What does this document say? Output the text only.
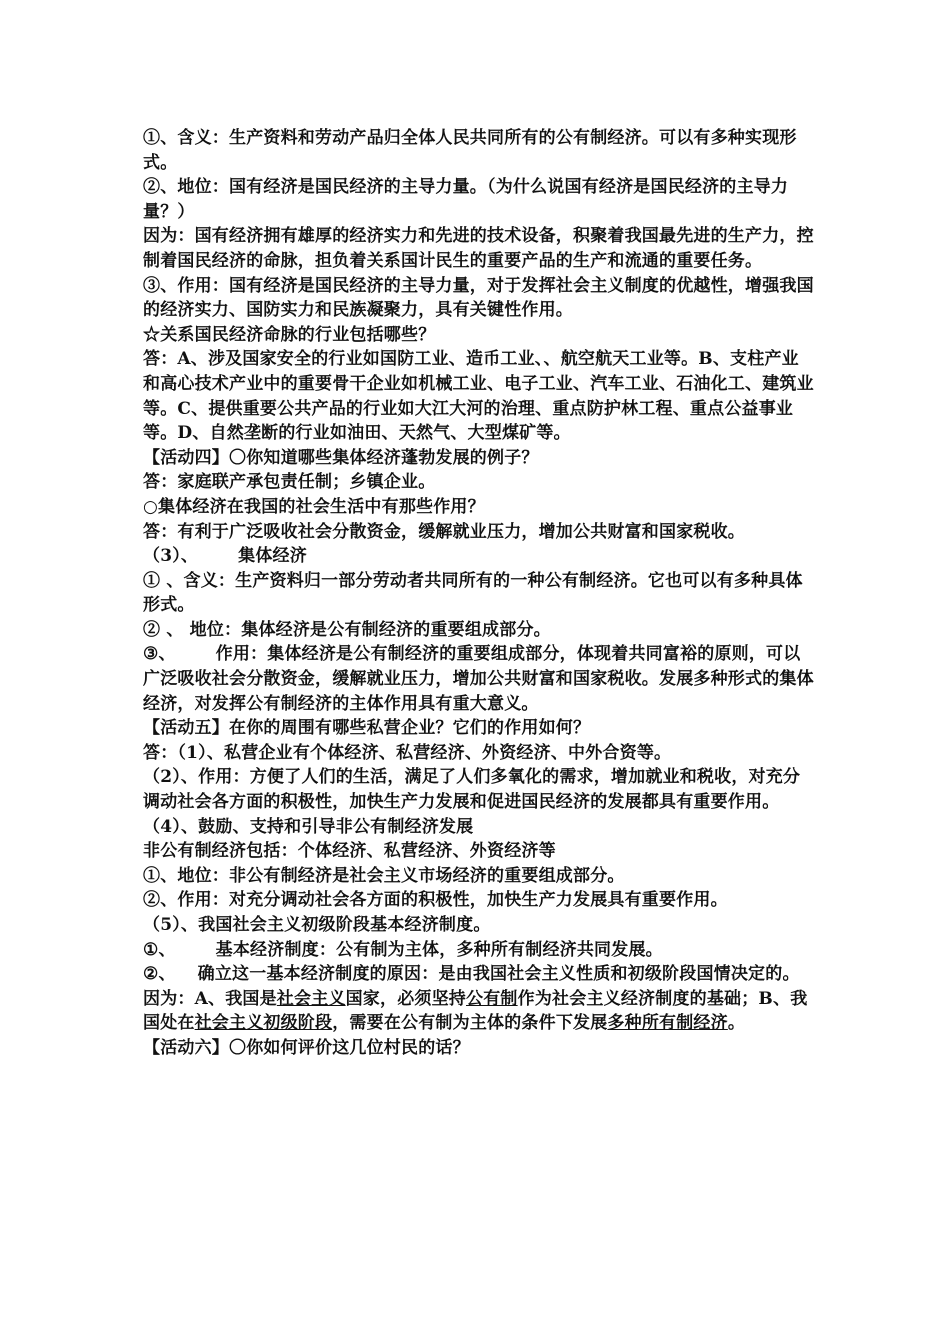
①、含义：生产资料和劳动产品归全体人民共同所有的公有制经济。可以有多种实现形式。

②、地位：国有经济是国民经济的主导力量。（为什么说国有经济是国民经济的主导力量？）

因为：国有经济拥有雄厚的经济实力和先进的技术设备，积聚着我国最先进的生产力，控制着国民经济的命脉，担负着关系国计民生的重要产品的生产和流通的重要任务。

③、作用：国有经济是国民经济的主导力量，对于发挥社会主义制度的优越性，增强我国的经济实力、国防实力和民族凝聚力，具有关键性作用。

☆关系国民经济命脉的行业包括哪些？

答：A、涉及国家安全的行业如国防工业、造币工业、、航空航天工业等。B、支柱产业和高心技术产业中的重要骨干企业如机械工业、电子工业、汽车工业、石油化工、建筑业等。C、提供重要公共产品的行业如大江大河的治理、重点防护林工程、重点公益事业等。D、自然垄断的行业如油田、天然气、大型煤矿等。

【活动四】〇你知道哪些集体经济蓬勃发展的例子？

答：家庭联产承包责任制；乡镇企业。

○集体经济在我国的社会生活中有那些作用？

答：有利于广泛吸收社会分散资金，缓解就业压力，增加公共财富和国家税收。

（3）、 集体经济

① 、含义：生产资料归一部分劳动者共同所有的一种公有制经济。它也可以有多种具体形式。

② 、 地位：集体经济是公有制经济的重要组成部分。

③、 作用：集体经济是公有制经济的重要组成部分，体现着共同富裕的原则，可以广泛吸收社会分散资金，缓解就业压力，增加公共财富和国家税收。发展多种形式的集体经济，对发挥公有制经济的主体作用具有重大意义。

【活动五】在你的周围有哪些私营企业？它们的作用如何？

答：（1）、私营企业有个体经济、私营经济、外资经济、中外合资等。

（2）、作用：方便了人们的生活，满足了人们多氧化的需求，增加就业和税收，对充分调动社会各方面的积极性，加快生产力发展和促进国民经济的发展都具有重要作用。

（4）、鼓励、支持和引导非公有制经济发展

非公有制经济包括：个体经济、私营经济、外资经济等

①、地位：非公有制经济是社会主义市场经济的重要组成部分。

②、作用：对充分调动社会各方面的积极性，加快生产力发展具有重要作用。

（5）、我国社会主义初级阶段基本经济制度。

①、 基本经济制度：公有制为主体，多种所有制经济共同发展。

②、 确立这一基本经济制度的原因：是由我国社会主义性质和初级阶段国情决定的。

因为：A、我国是社会主义国家，必须坚持公有制作为社会主义经济制度的基础；B、我国处在社会主义初级阶段，需要在公有制为主体的条件下发展多种所有制经济。

【活动六】〇你如何评价这几位村民的话？
